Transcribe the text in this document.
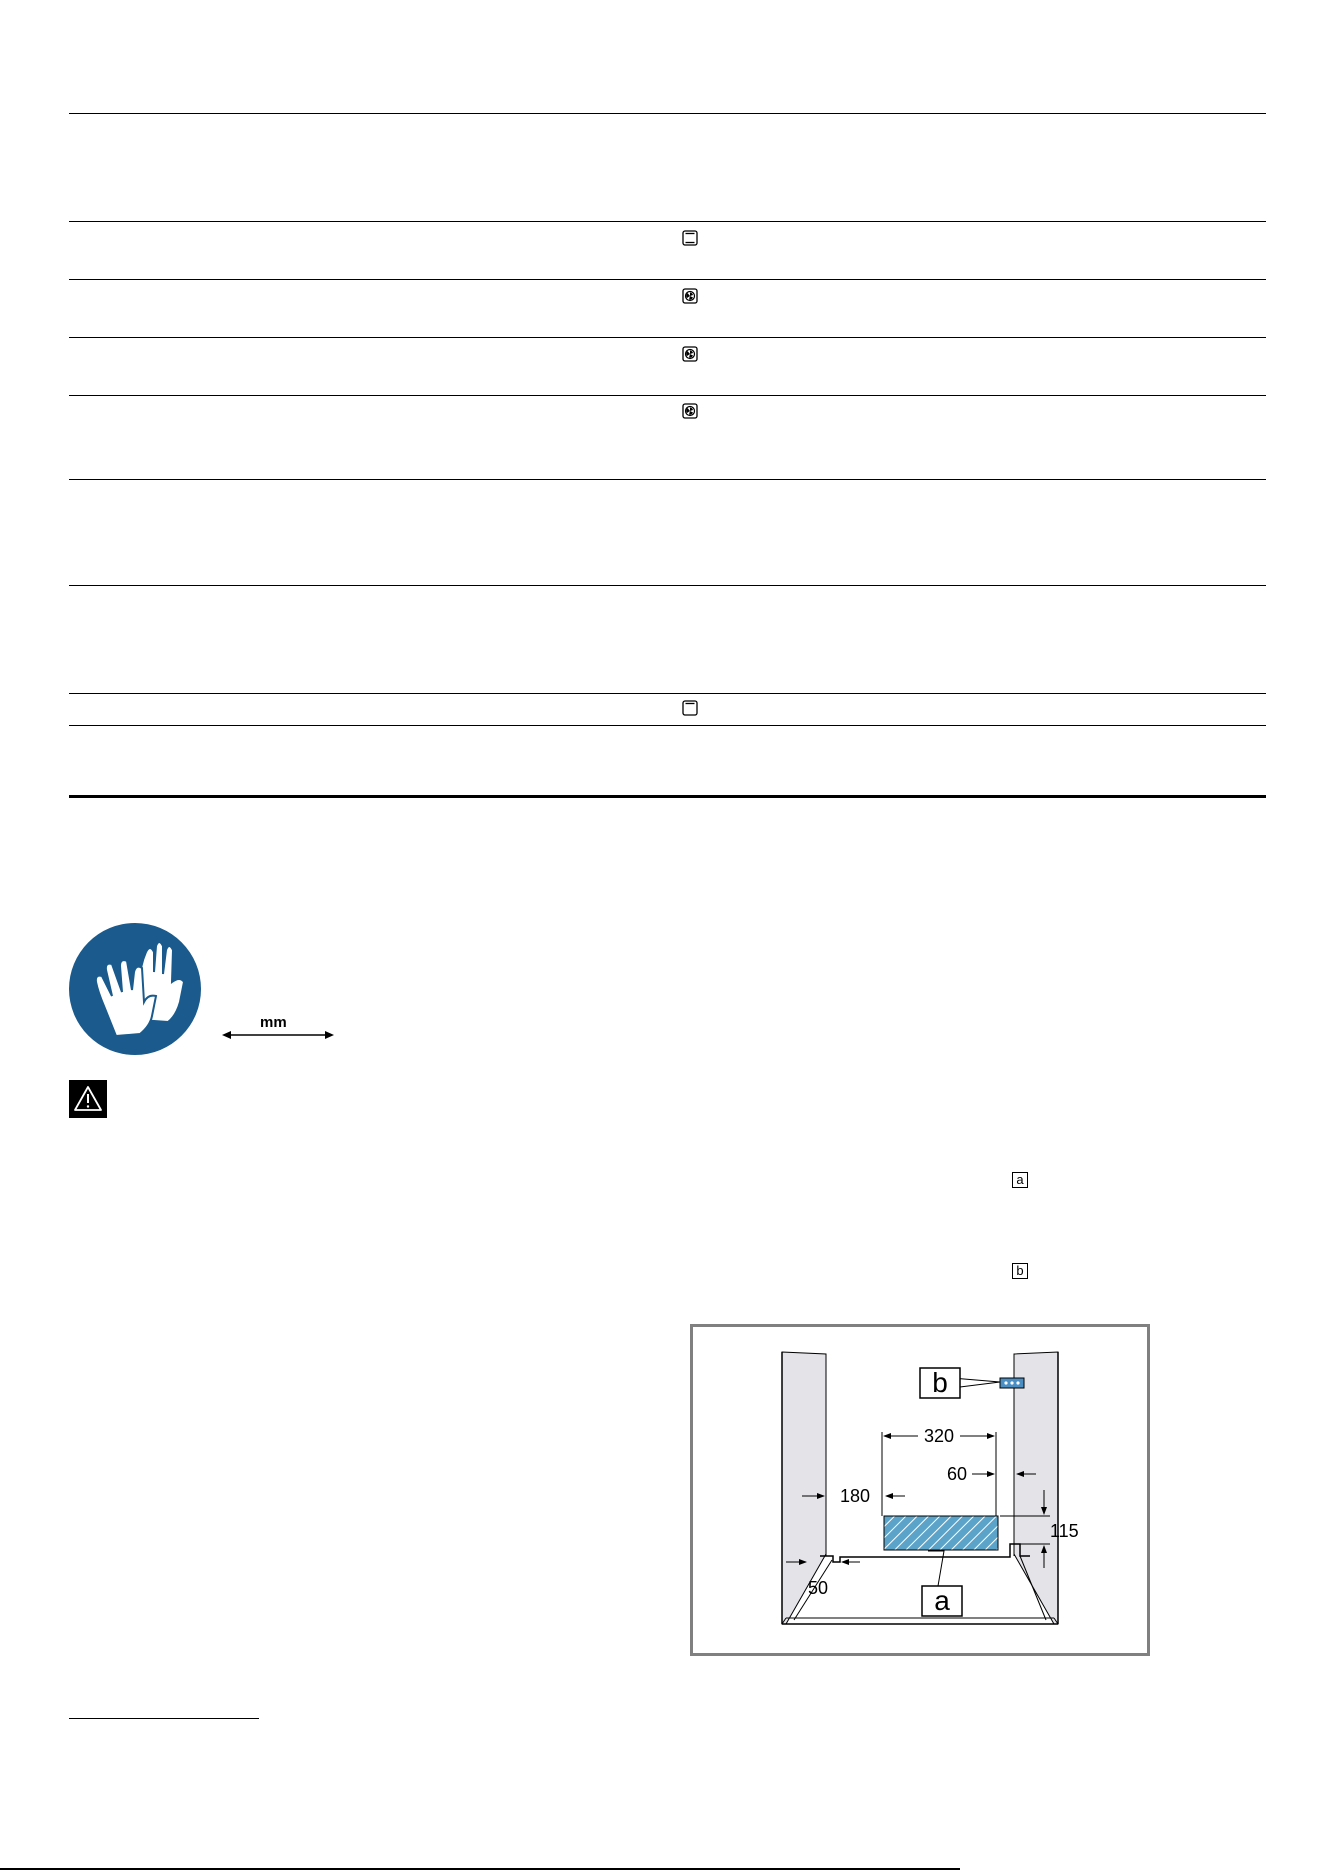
mm
a
b
a
b
320
60
180
115
50
